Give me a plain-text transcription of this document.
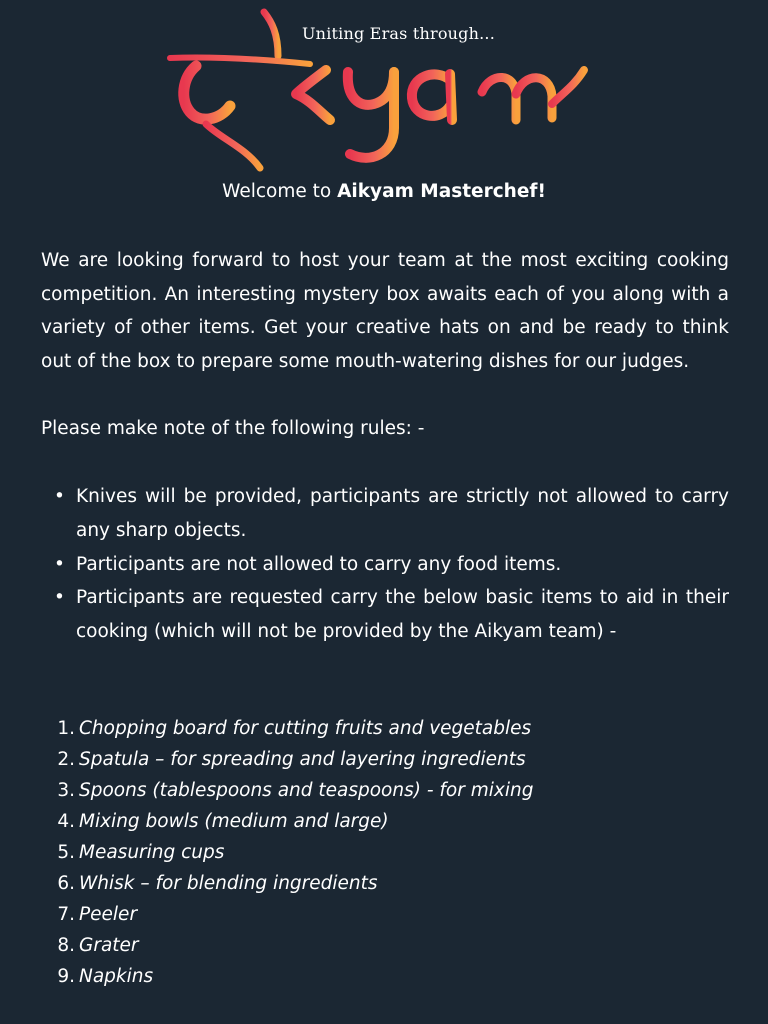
Uniting Eras through...
Welcome to Aikyam Masterchef!

We are looking forward to host your team at the most exciting cooking competition. An interesting mystery box awaits each of you along with a variety of other items. Get your creative hats on and be ready to think out of the box to prepare some mouth-watering dishes for our judges.

Please make note of the following rules: -

• Knives will be provided, participants are strictly not allowed to carry any sharp objects.
• Participants are not allowed to carry any food items.
• Participants are requested carry the below basic items to aid in their cooking (which will not be provided by the Aikyam team) -
1. Chopping board for cutting fruits and vegetables
2. Spatula – for spreading and layering ingredients
3. Spoons (tablespoons and teaspoons) - for mixing
4. Mixing bowls (medium and large)
5. Measuring cups
6. Whisk – for blending ingredients
7. Peeler
8. Grater
9. Napkins
